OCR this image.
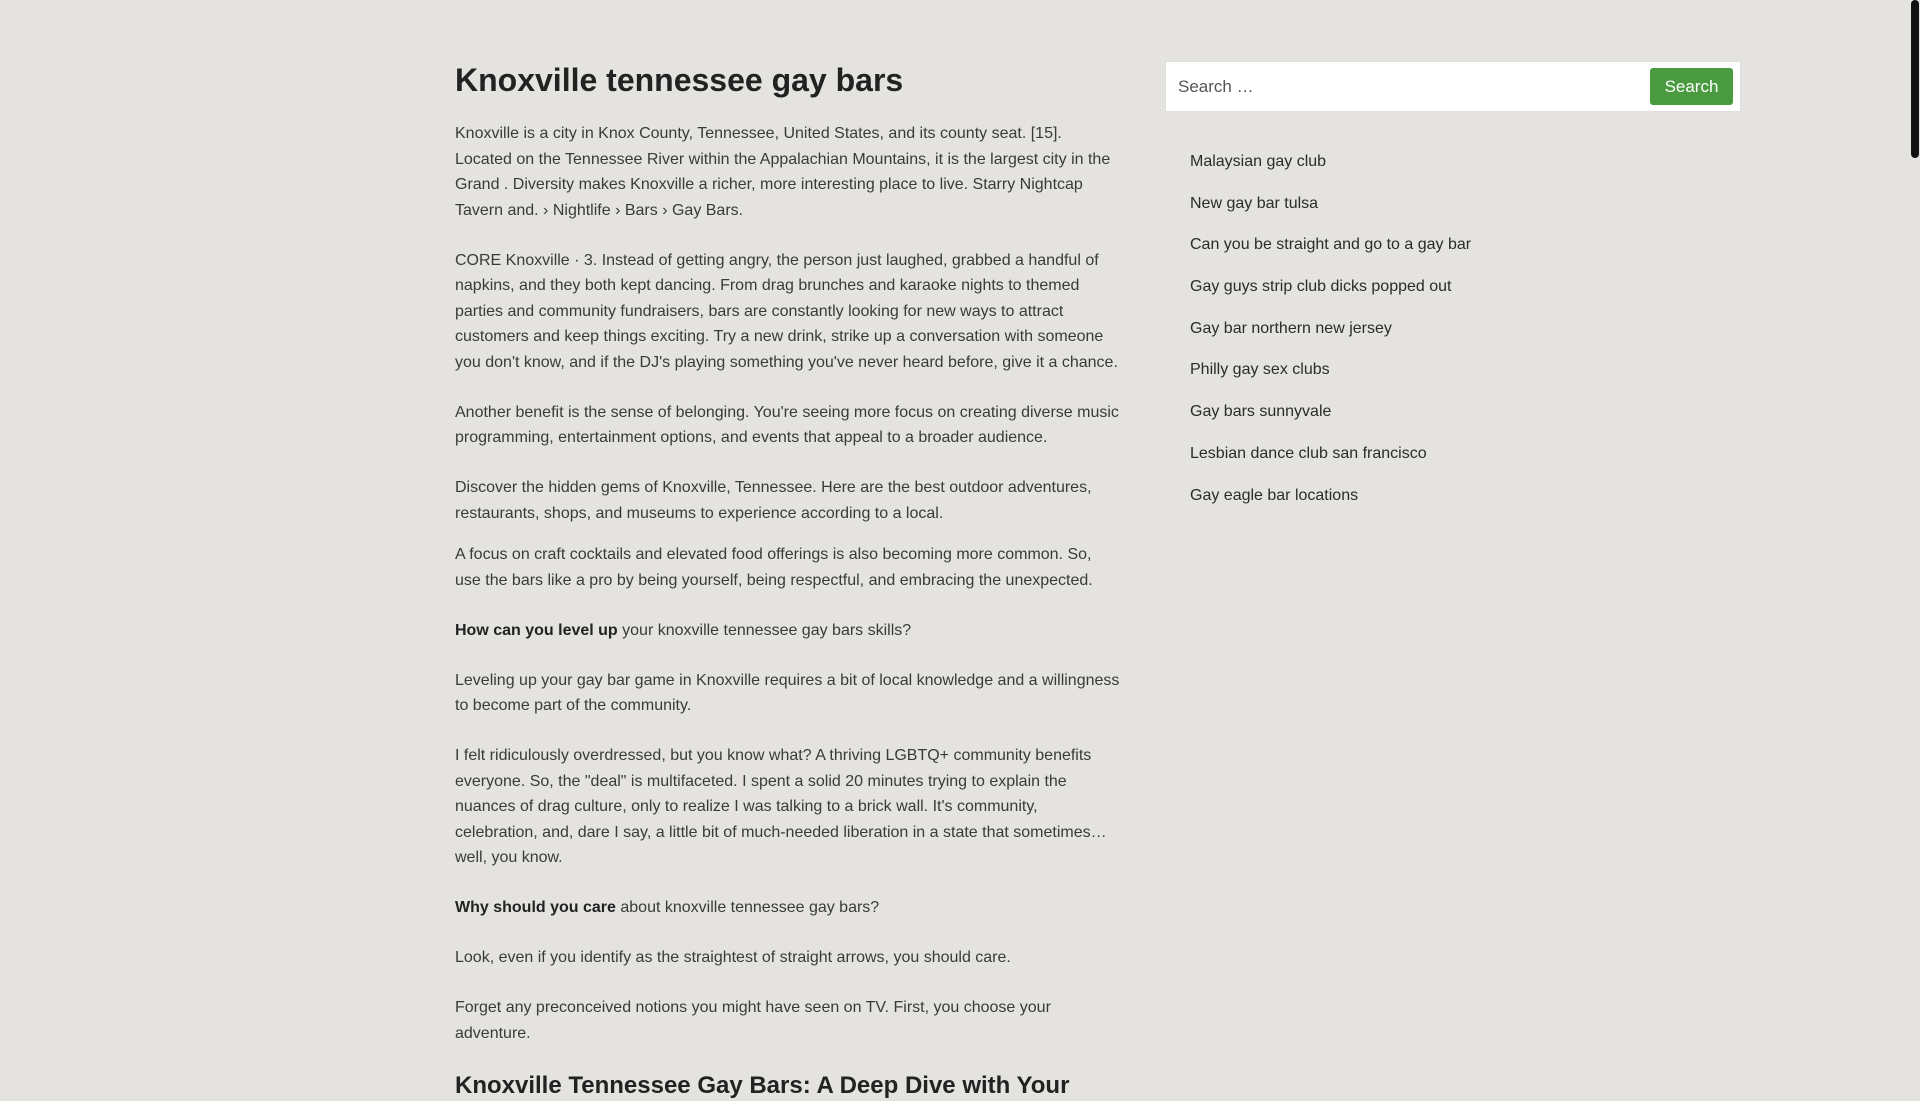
Knoxville tennessee gay bars

Knoxville is a city in Knox County, Tennessee, United States, and its county seat. [15]. Located on the Tennessee River within the Appalachian Mountains, it is the largest city in the Grand . Diversity makes Knoxville a richer, more interesting place to live. Starry Nightcap Tavern and. › Nightlife › Bars › Gay Bars.

CORE Knoxville · 3. Instead of getting angry, the person just laughed, grabbed a handful of napkins, and they both kept dancing. From drag brunches and karaoke nights to themed parties and community fundraisers, bars are constantly looking for new ways to attract customers and keep things exciting. Try a new drink, strike up a conversation with someone you don't know, and if the DJ's playing something you've never heard before, give it a chance.

Another benefit is the sense of belonging. You're seeing more focus on creating diverse music programming, entertainment options, and events that appeal to a broader audience.

Discover the hidden gems of Knoxville, Tennessee. Here are the best outdoor adventures, restaurants, shops, and museums to experience according to a local.

A focus on craft cocktails and elevated food offerings is also becoming more common. So, use the bars like a pro by being yourself, being respectful, and embracing the unexpected.

How can you level up your knoxville tennessee gay bars skills?

Leveling up your gay bar game in Knoxville requires a bit of local knowledge and a willingness to become part of the community.

I felt ridiculously overdressed, but you know what? A thriving LGBTQ+ community benefits everyone. So, the "deal" is multifaceted. I spent a solid 20 minutes trying to explain the nuances of drag culture, only to realize I was talking to a brick wall. It's community, celebration, and, dare I say, a little bit of much-needed liberation in a state that sometimes… well, you know.

Why should you care about knoxville tennessee gay bars?

Look, even if you identify as the straightest of straight arrows, you should care.

Forget any preconceived notions you might have seen on TV. First, you choose your adventure.

Knoxville Tennessee Gay Bars: A Deep Dive with Your
Search …
Search
Malaysian gay club
New gay bar tulsa
Can you be straight and go to a gay bar
Gay guys strip club dicks popped out
Gay bar northern new jersey
Philly gay sex clubs
Gay bars sunnyvale
Lesbian dance club san francisco
Gay eagle bar locations
